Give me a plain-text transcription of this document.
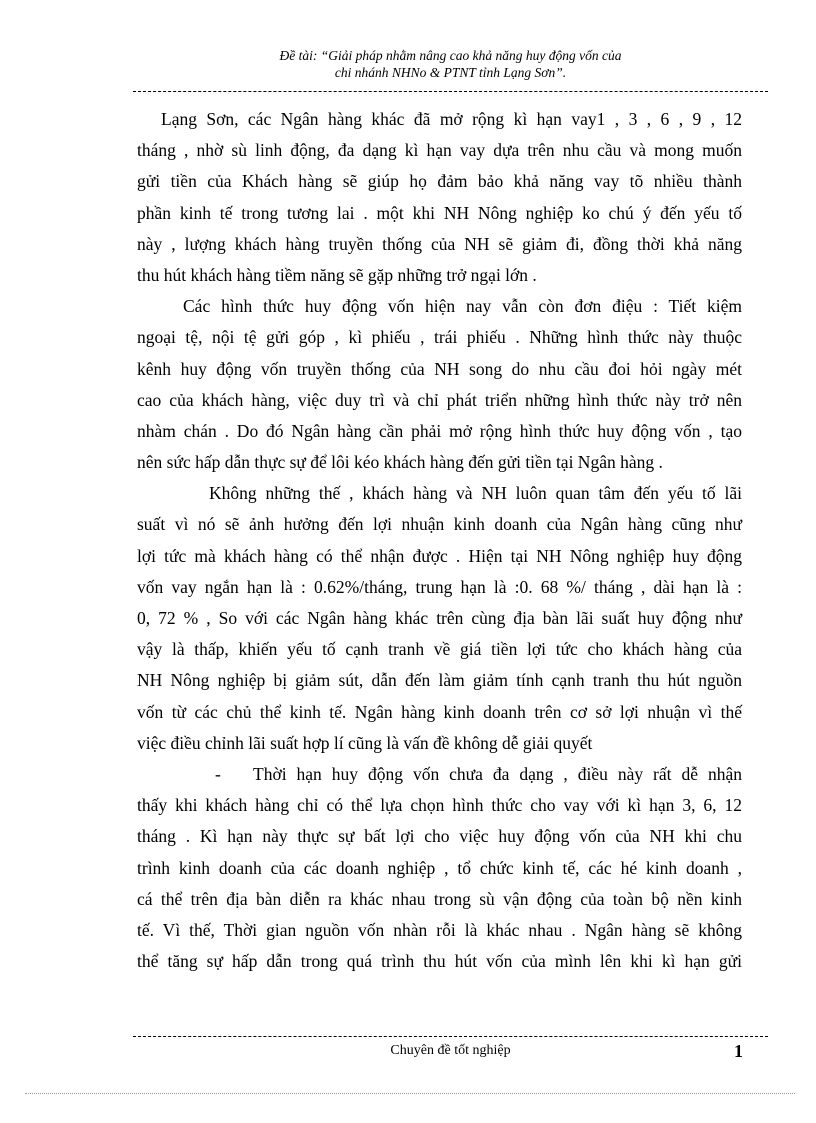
Đề tài: “Giải pháp nhằm nâng cao khả năng huy động vốn của
chi nhánh NHNo & PTNT tỉnh Lạng Sơn”.
Lạng Sơn, các Ngân hàng khác đã mở rộng kì hạn vay1 , 3 , 6 , 9 , 12
tháng , nhờ sù linh động, đa dạng kì hạn vay dựa trên nhu cầu và mong muốn
gửi tiền của Khách hàng sẽ giúp họ đảm bảo khả năng vay tõ nhiều thành
phần kinh tế trong tương lai . một khi NH Nông nghiệp ko chú ý đến yếu tố
này , lượng khách hàng truyền thống của NH sẽ giảm đi, đồng thời khả năng
thu hút khách hàng tiềm năng sẽ gặp những trở ngại lớn .
Các hình thức huy động vốn hiện nay vẫn còn đơn điệu : Tiết kiệm
ngoại tệ, nội tệ gửi góp , kì phiếu , trái phiếu . Những hình thức này thuộc
kênh huy động vốn truyền thống của NH song do nhu cầu đoi hỏi ngày mét
cao của khách hàng, việc duy trì và chỉ phát triển những hình thức này trở nên
nhàm chán . Do đó Ngân hàng cần phải mở rộng hình thức huy động vốn , tạo
nên sức hấp dẫn thực sự để lôi kéo khách hàng đến gửi tiền tại Ngân hàng .
Không những thế , khách hàng và NH luôn quan tâm đến yếu tố lãi
suất vì nó sẽ ảnh hưởng đến lợi nhuận kinh doanh của Ngân hàng cũng như
lợi tức mà khách hàng có thể nhận được . Hiện tại NH Nông nghiệp huy động
vốn vay ngắn hạn là : 0.62%/tháng, trung hạn là :0. 68 %/ tháng , dài hạn là :
0, 72 % , So với các Ngân hàng khác trên cùng địa bàn lãi suất huy động như
vậy là thấp, khiến yếu tố cạnh tranh về giá tiền lợi tức cho khách hàng của
NH Nông nghiệp bị giảm sút, dẫn đến làm giảm tính cạnh tranh thu hút nguồn
vốn từ các chủ thể kinh tế. Ngân hàng kinh doanh trên cơ sở lợi nhuận vì thế
việc điều chỉnh lãi suất hợp lí cũng là vấn đề không dễ giải quyết
- Thời hạn huy động vốn chưa đa dạng , điều này rất dễ nhận
thấy khi khách hàng chỉ có thể lựa chọn hình thức cho vay với kì hạn 3, 6, 12
tháng . Kì hạn này thực sự bất lợi cho việc huy động vốn của NH khi chu
trình kinh doanh của các doanh nghiệp , tổ chức kinh tế, các hé kinh doanh ,
cá thể trên địa bàn diễn ra khác nhau trong sù vận động của toàn bộ nền kinh
tế. Vì thế, Thời gian nguồn vốn nhàn rỗi là khác nhau . Ngân hàng sẽ không
thể tăng sự hấp dẫn trong quá trình thu hút vốn của mình lên khi kì hạn gửi
Chuyên đề tốt nghiệp	1
